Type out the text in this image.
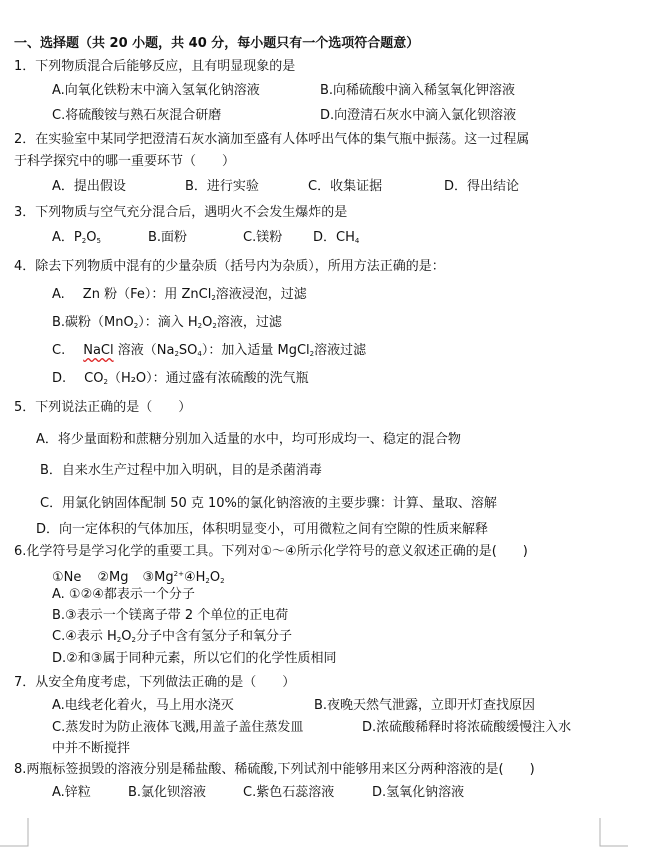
一、选择题（共 20 小题，共 40 分，每小题只有一个选项符合题意）
1．下列物质混合后能够反应，且有明显现象的是
A.向氧化铁粉末中滴入氢氧化钠溶液	B.向稀硫酸中滴入稀氢氧化钾溶液
C.将硫酸铵与熟石灰混合研磨	D.向澄清石灰水中滴入氯化钡溶液
2．在实验室中某同学把澄清石灰水滴加至盛有人体呼出气体的集气瓶中振荡。这一过程属
于科学探究中的哪一重要环节（　　）
A．提出假设	B．进行实验	C．收集证据	D．得出结论
3．下列物质与空气充分混合后，遇明火不会发生爆炸的是
A．$P_2O_5$	B.面粉	C.镁粉 D．$CH_4$
4．除去下列物质中混有的少量杂质（括号内为杂质），所用方法正确的是：
A. Zn 粉（Fe）：用 ZnCl$_2$溶液浸泡，过滤
B.碳粉（MnO$_2$）：滴入 $H_2O_2$溶液，过滤
C. NaCl 溶液$(Na_2SO_4)$：加入适量 MgCl$_2$溶液过滤
D. $CO_2(H_2O)$：通过盛有浓硫酸的洗气瓶
5．下列说法正确的是（　　）
A．将少量面粉和蔗糖分别加入适量的水中，均可形成均一、稳定的混合物
B．自来水生产过程中加入明矾，目的是杀菌消毒
C．用氯化钠固体配制 50 克 10%的氯化钠溶液的主要步骤：计算、量取、溶解
D．向一定体积的气体加压，体积明显变小，可用微粒之间有空隙的性质来解释
6.化学符号是学习化学的重要工具。下列对①～④所示化学符号的意义叙述正确的是(　　)
①Ne ②Mg $③Mg^{2+}④H_2O_2$
A. ①②④都表示一个分子
B.③表示一个镁离子带 2 个单位的正电荷
C.④表示 $H_2O_2$分子中含有氢分子和氧分子
D.②和③属于同种元素，所以它们的化学性质相同
7．从安全角度考虑，下列做法正确的是（　　）
A.电线老化着火，马上用水浇灭	B.夜晚天然气泄露，立即开灯查找原因
C.蒸发时为防止液体飞溅,用盖子盖住蒸发皿	D.浓硫酸稀释时将浓硫酸缓慢注入水
中并不断搅拌
8.两瓶标签损毁的溶液分别是稀盐酸、稀硫酸,下列试剂中能够用来区分两种溶液的是(　　)
A.锌粒	B.氯化钡溶液	C.紫色石蕊溶液	D.氢氧化钠溶液
